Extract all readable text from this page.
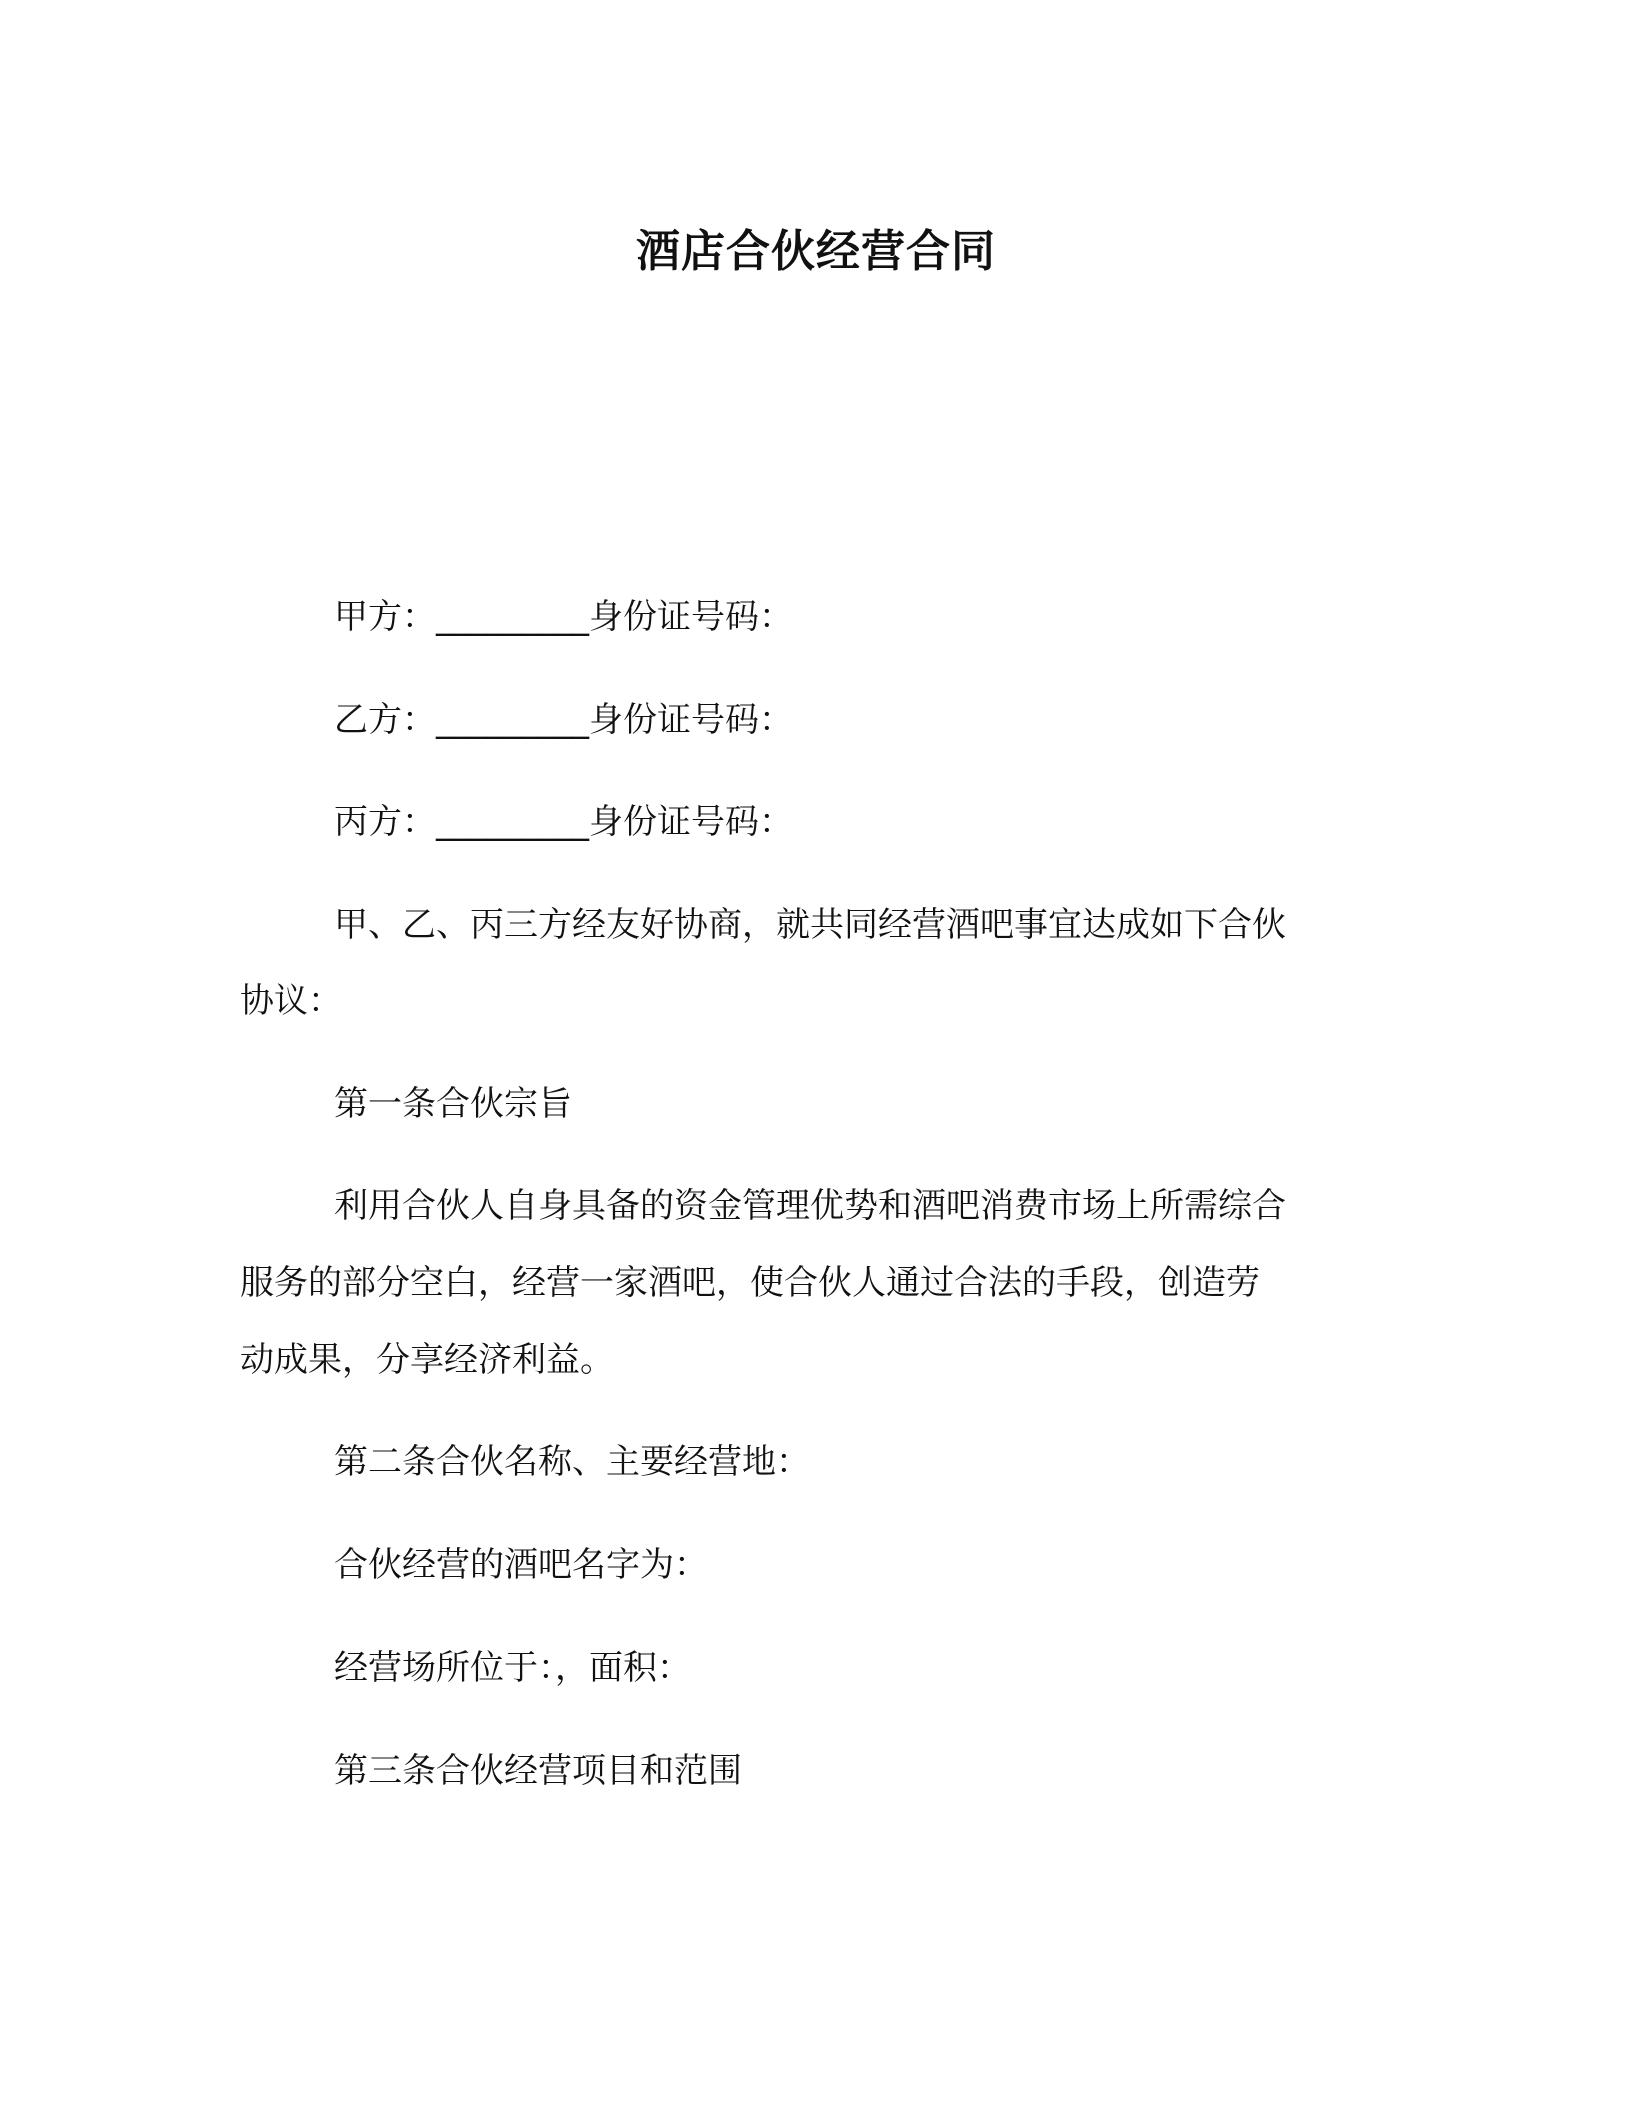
酒店合伙经营合同

甲方：_________身份证号码：

乙方：_________身份证号码：

丙方：_________身份证号码：

甲、乙、丙三方经友好协商，就共同经营酒吧事宜达成如下合伙

协议：

第一条合伙宗旨

利用合伙人自身具备的资金管理优势和酒吧消费市场上所需综合

服务的部分空白，经营一家酒吧，使合伙人通过合法的手段，创造劳

动成果，分享经济利益。

第二条合伙名称、主要经营地：

合伙经营的酒吧名字为：

经营场所位于：，面积：

第三条合伙经营项目和范围
